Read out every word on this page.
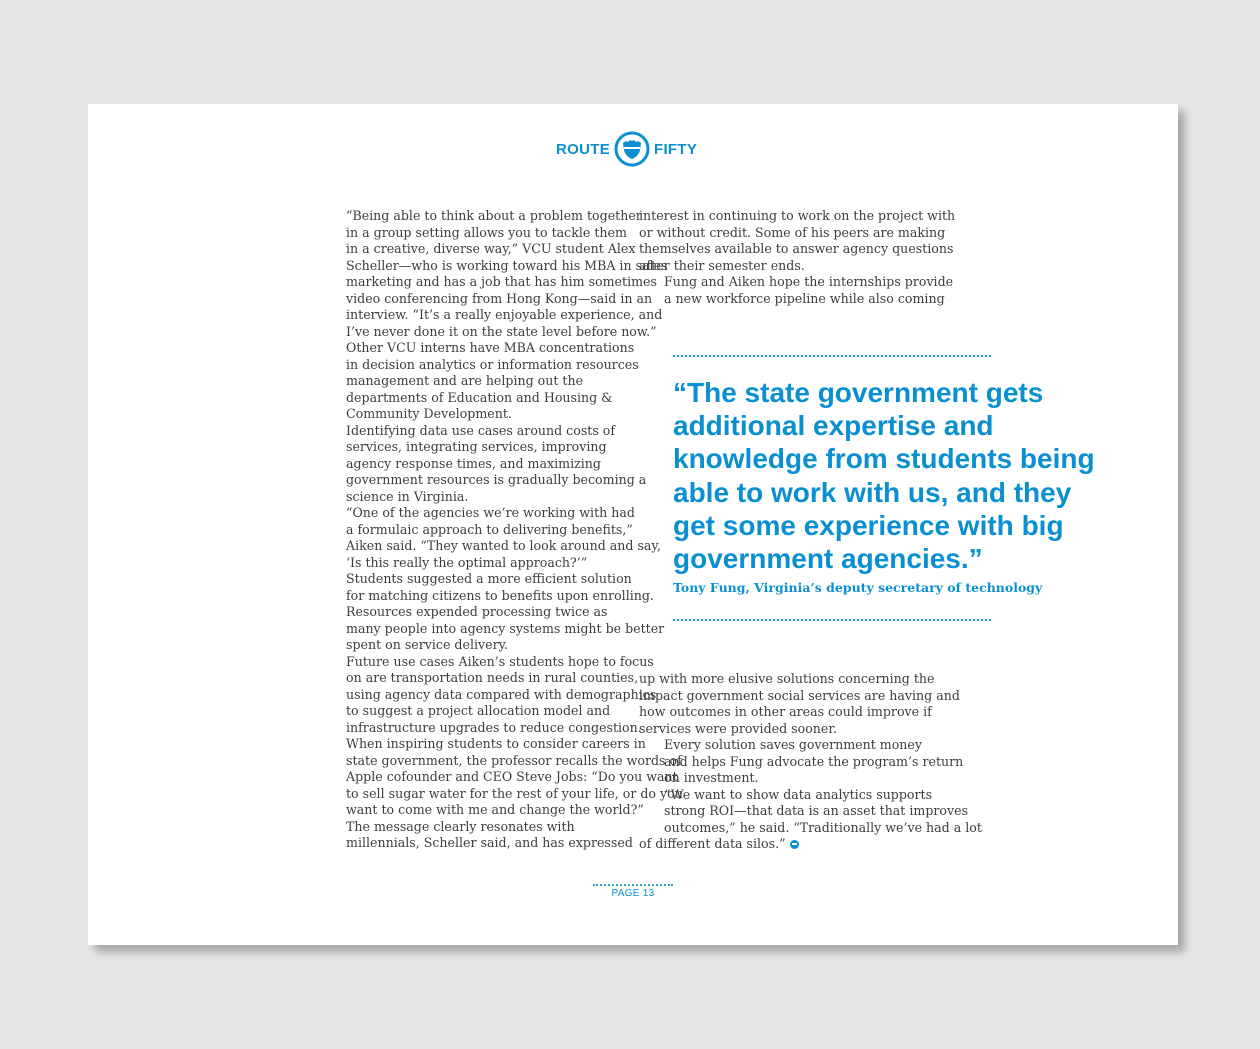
ROUTE	FIFTY

“Being able to think about a problem together
in a group setting allows you to tackle them
in a creative, diverse way,” VCU student Alex
Scheller—who is working toward his MBA in sales
marketing and has a job that has him sometimes
video conferencing from Hong Kong—said in an
interview. “It’s a really enjoyable experience, and
I’ve never done it on the state level before now.”

Other VCU interns have MBA concentrations
in decision analytics or information resources
management and are helping out the
departments of Education and Housing &
Community Development.

Identifying data use cases around costs of
services, integrating services, improving
agency response times, and maximizing
government resources is gradually becoming a
science in Virginia.

“One of the agencies we’re working with had
a formulaic approach to delivering benefits,”
Aiken said. “They wanted to look around and say,
‘Is this really the optimal approach?’”

Students suggested a more efficient solution
for matching citizens to benefits upon enrolling.

Resources expended processing twice as
many people into agency systems might be better
spent on service delivery.

Future use cases Aiken’s students hope to focus
on are transportation needs in rural counties,
using agency data compared with demographics
to suggest a project allocation model and
infrastructure upgrades to reduce congestion.

When inspiring students to consider careers in
state government, the professor recalls the words of
Apple cofounder and CEO Steve Jobs: “Do you want
to sell sugar water for the rest of your life, or do you
want to come with me and change the world?”

The message clearly resonates with
millennials, Scheller said, and has expressed

interest in continuing to work on the project with
or without credit. Some of his peers are making
themselves available to answer agency questions
after their semester ends.

Fung and Aiken hope the internships provide
a new workforce pipeline while also coming

“The state government gets
additional expertise and
knowledge from students being
able to work with us, and they
get some experience with big
government agencies.”
Tony Fung, Virginia’s deputy secretary of technology

up with more elusive solutions concerning the
impact government social services are having and
how outcomes in other areas could improve if
services were provided sooner.

Every solution saves government money
and helps Fung advocate the program’s return
on investment.

“We want to show data analytics supports
strong ROI—that data is an asset that improves
outcomes,” he said. “Traditionally we’ve had a lot
of different data silos.”

PAGE 13
